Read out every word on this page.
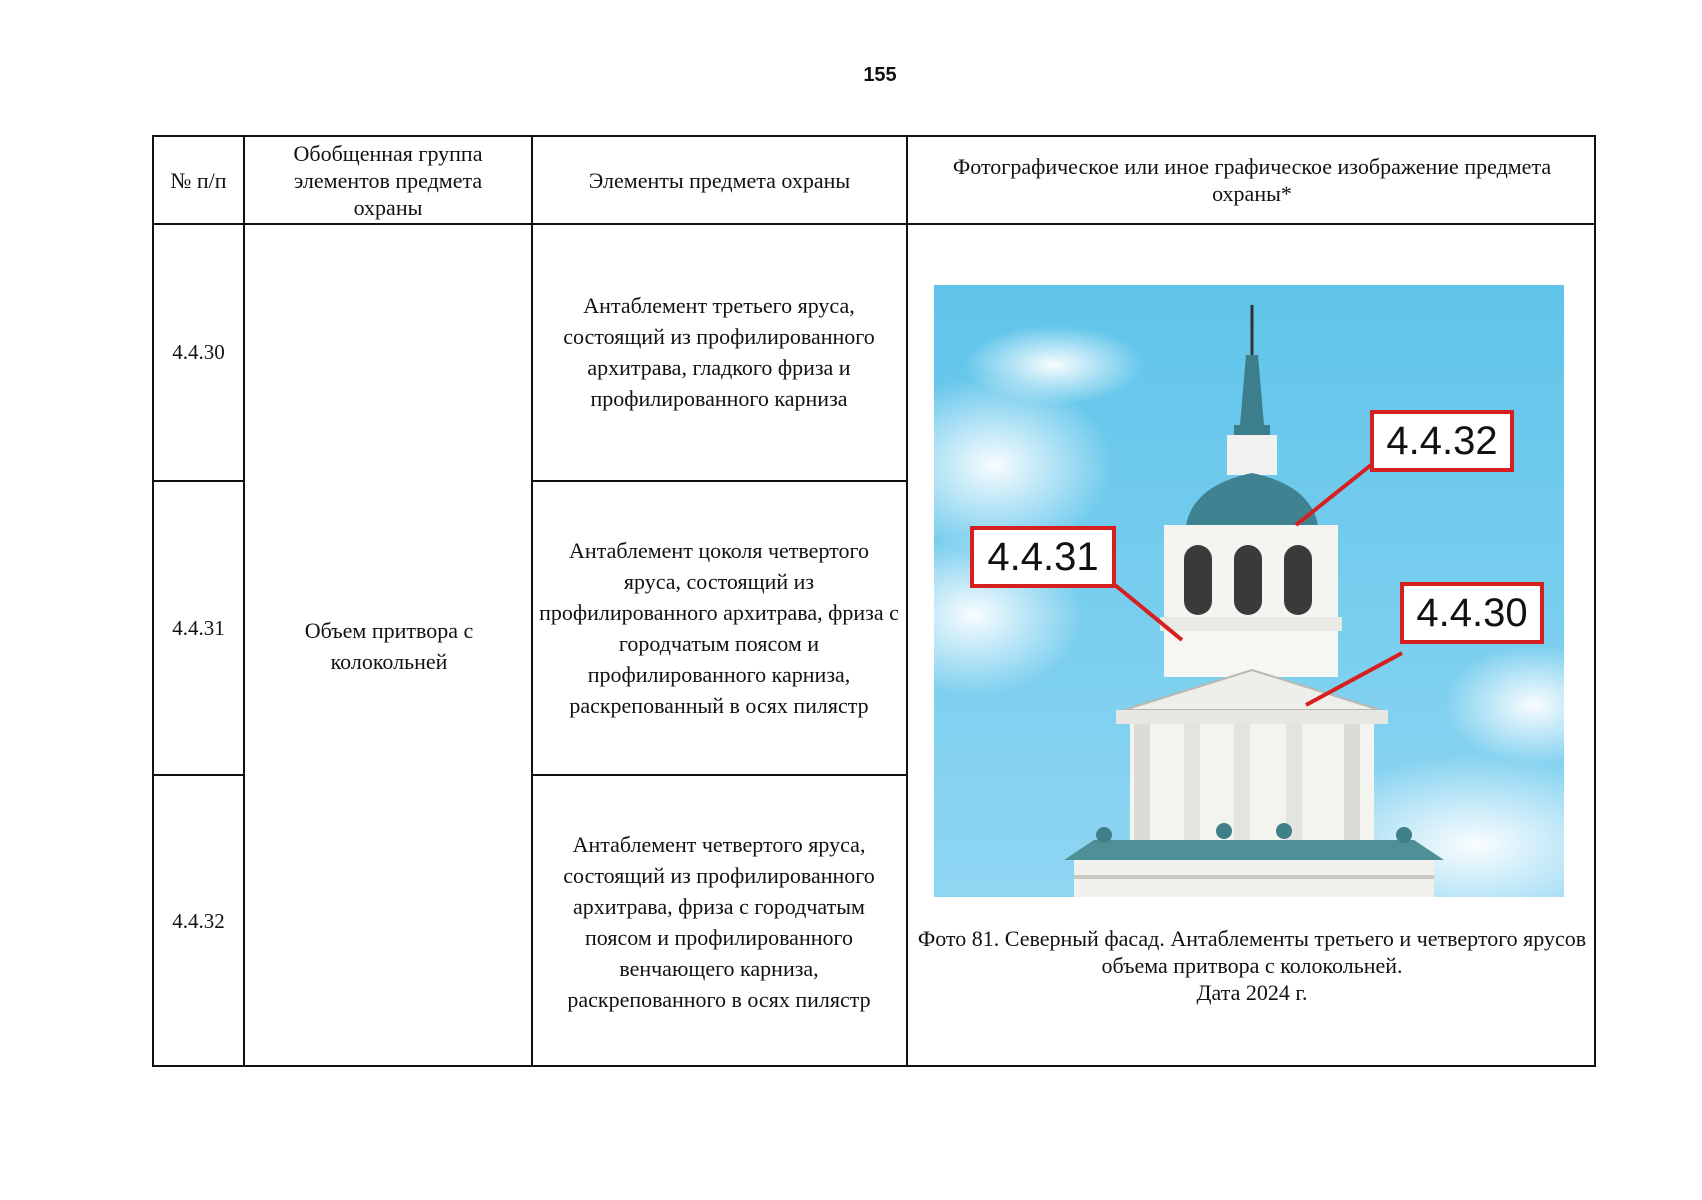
155
№ п/п
Обобщенная группа элементов предмета охраны
Элементы предмета охраны
Фотографическое или иное графическое изображение предмета охраны*
4.4.30
4.4.31
4.4.32
Объем притвора с колокольней
Антаблемент третьего яруса, состоящий из профилированного архитрава, гладкого фриза и профилированного карниза
Антаблемент цоколя четвертого яруса, состоящий из профилированного архитрава, фриза с городчатым поясом и профилированного карниза, раскрепованный в осях пилястр
Антаблемент четвертого яруса, состоящий из профилированного архитрава, фриза с городчатым поясом и профилированного венчающего карниза, раскрепованного в осях пилястр
4.4.32
4.4.31
4.4.30
Фото 81. Северный фасад. Антаблементы третьего и четвертого ярусов объема притвора с колокольней.
Дата 2024 г.
